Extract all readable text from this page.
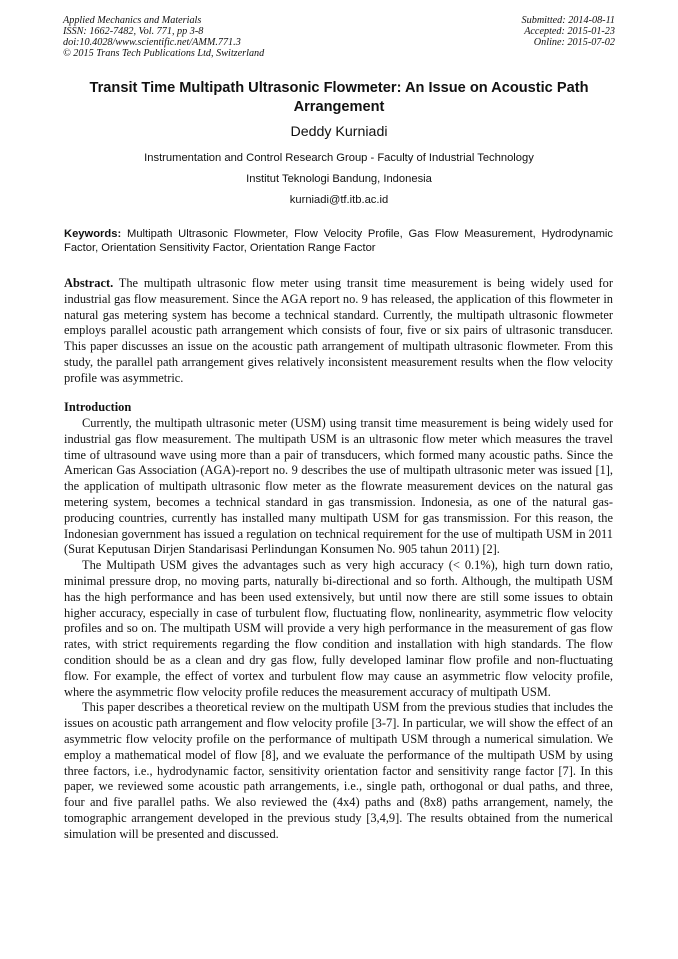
Applied Mechanics and Materials
ISSN: 1662-7482, Vol. 771, pp 3-8
doi:10.4028/www.scientific.net/AMM.771.3
© 2015 Trans Tech Publications Ltd, Switzerland
Submitted: 2014-08-11
Accepted: 2015-01-23
Online: 2015-07-02
Transit Time Multipath Ultrasonic Flowmeter: An Issue on Acoustic Path Arrangement
Deddy Kurniadi
Instrumentation and Control Research Group - Faculty of Industrial Technology
Institut Teknologi Bandung, Indonesia
kurniadi@tf.itb.ac.id
Keywords: Multipath Ultrasonic Flowmeter, Flow Velocity Profile, Gas Flow Measurement, Hydrodynamic Factor, Orientation Sensitivity Factor, Orientation Range Factor
Abstract. The multipath ultrasonic flow meter using transit time measurement is being widely used for industrial gas flow measurement. Since the AGA report no. 9 has released, the application of this flowmeter in natural gas metering system has become a technical standard. Currently, the multipath ultrasonic flowmeter employs parallel acoustic path arrangement which consists of four, five or six pairs of ultrasonic transducer. This paper discusses an issue on the acoustic path arrangement of multipath ultrasonic flowmeter. From this study, the parallel path arrangement gives relatively inconsistent measurement results when the flow velocity profile was asymmetric.
Introduction

Currently, the multipath ultrasonic meter (USM) using transit time measurement is being widely used for industrial gas flow measurement. The multipath USM is an ultrasonic flow meter which measures the travel time of ultrasound wave using more than a pair of transducers, which formed many acoustic paths. Since the American Gas Association (AGA)-report no. 9 describes the use of multipath ultrasonic meter was issued [1], the application of multipath ultrasonic flow meter as the flowrate measurement devices on the natural gas metering system, becomes a technical standard in gas transmission. Indonesia, as one of the natural gas-producing countries, currently has installed many multipath USM for gas transmission. For this reason, the Indonesian government has issued a regulation on technical requirement for the use of multipath USM in 2011 (Surat Keputusan Dirjen Standarisasi Perlindungan Konsumen No. 905 tahun 2011) [2].

The Multipath USM gives the advantages such as very high accuracy (< 0.1%), high turn down ratio, minimal pressure drop, no moving parts, naturally bi-directional and so forth. Although, the multipath USM has the high performance and has been used extensively, but until now there are still some issues to obtain higher accuracy, especially in case of turbulent flow, fluctuating flow, nonlinearity, asymmetric flow velocity profiles and so on. The multipath USM will provide a very high performance in the measurement of gas flow rates, with strict requirements regarding the flow condition and installation with high standards. The flow condition should be as a clean and dry gas flow, fully developed laminar flow profile and non-fluctuating flow. For example, the effect of vortex and turbulent flow may cause an asymmetric flow velocity profile, where the asymmetric flow velocity profile reduces the measurement accuracy of multipath USM.

This paper describes a theoretical review on the multipath USM from the previous studies that includes the issues on acoustic path arrangement and flow velocity profile [3-7]. In particular, we will show the effect of an asymmetric flow velocity profile on the performance of multipath USM through a numerical simulation. We employ a mathematical model of flow [8], and we evaluate the performance of the multipath USM by using three factors, i.e., hydrodynamic factor, sensitivity orientation factor and sensitivity range factor [7]. In this paper, we reviewed some acoustic path arrangements, i.e., single path, orthogonal or dual paths, and three, four and five parallel paths. We also reviewed the (4x4) paths and (8x8) paths arrangement, namely, the tomographic arrangement developed in the previous study [3,4,9]. The results obtained from the numerical simulation will be presented and discussed.
